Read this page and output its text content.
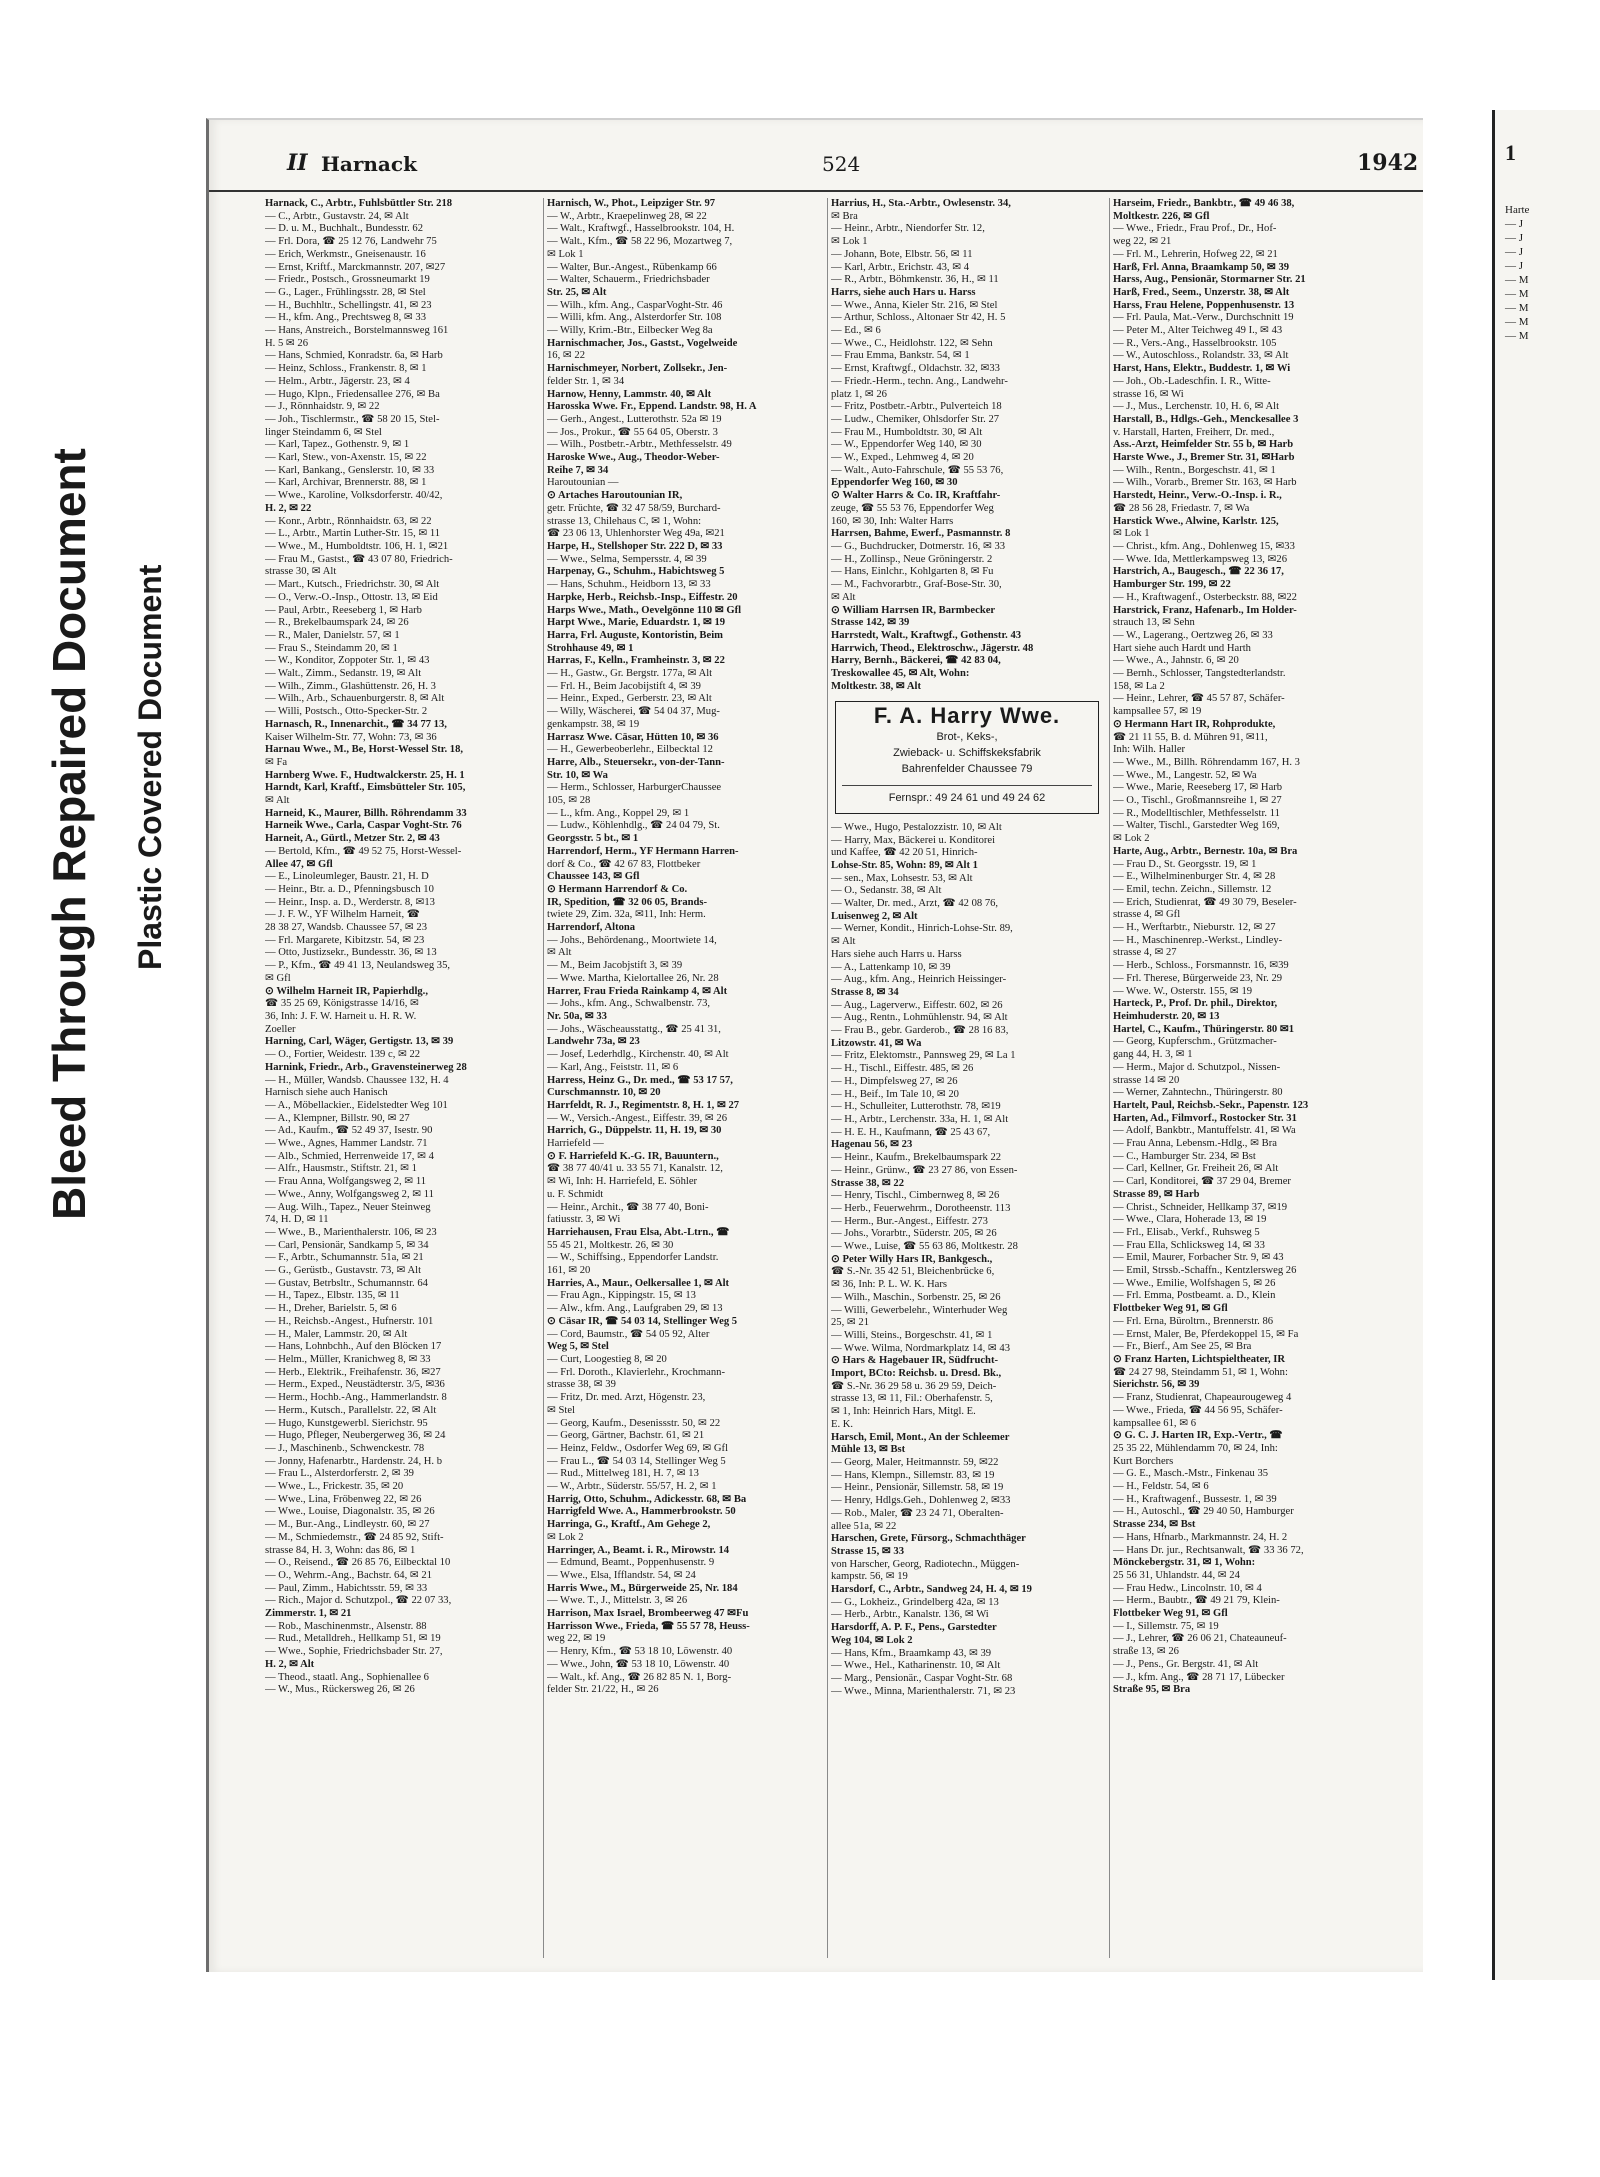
Bleed Through Repaired Document Plastic Covered Document
II Harnack	524	1942
Harnack, C., Arbtr., Fuhlsbüttler Str. 218
— C., Arbtr., Gustavstr. 24, ✉ Alt
— D. u. M., Buchhalt., Bundesstr. 62
— Frl. Dora, ☎ 25 12 76, Landwehr 75
— Erich, Werkmstr., Gneisenaustr. 16
— Ernst, Kriftf., Marckmannstr. 207, ✉27
— Friedr., Postsch., Grossneumarkt 19
— G., Lager., Frühlingsstr. 28, ✉ Stel
— H., Buchhltr., Schellingstr. 41, ✉ 23
— H., kfm. Ang., Prechtsweg 8, ✉ 33
— Hans, Anstreich., Borstelmannsweg 161
H. 5 ✉ 26
— Hans, Schmied, Konradstr. 6a, ✉ Harb
— Heinz, Schloss., Frankenstr. 8, ✉ 1
— Helm., Arbtr., Jägerstr. 23, ✉ 4
— Hugo, Klpn., Friedensallee 276, ✉ Ba
— J., Rönnhaidstr. 9, ✉ 22
— Joh., Tischlermstr., ☎ 58 20 15, Stel-
linger Steindamm 6, ✉ Stel
— Karl, Tapez., Gothenstr. 9, ✉ 1
— Karl, Stew., von-Axenstr. 15, ✉ 22
— Karl, Bankang., Genslerstr. 10, ✉ 33
— Karl, Archivar, Brennerstr. 88, ✉ 1
— Wwe., Karoline, Volksdorferstr. 40/42,
H. 2, ✉ 22
— Konr., Arbtr., Rönnhaidstr. 63, ✉ 22
— L., Arbtr., Martin Luther-Str. 15, ✉ 11
— Wwe., M., Humboldtstr. 106, H. 1, ✉21
— Frau M., Gastst., ☎ 43 07 80, Friedrich-
strasse 30, ✉ Alt
— Mart., Kutsch., Friedrichstr. 30, ✉ Alt
— O., Verw.-O.-Insp., Ottostr. 13, ✉ Eid
— Paul, Arbtr., Reeseberg 1, ✉ Harb
— R., Brekelbaumspark 24, ✉ 26
— R., Maler, Danielstr. 57, ✉ 1
— Frau S., Steindamm 20, ✉ 1
— W., Konditor, Zoppoter Str. 1, ✉ 43
— Walt., Zimm., Sedanstr. 19, ✉ Alt
— Wilh., Zimm., Glashüttenstr. 26, H. 3
— Wilh., Arb., Schauenburgerstr. 8, ✉ Alt
— Willi, Postsch., Otto-Specker-Str. 2
Harnasch, R., Innenarchit., ☎ 34 77 13,
Kaiser Wilhelm-Str. 77, Wohn: 73, ✉ 36
Harnau Wwe., M., Be, Horst-Wessel Str. 18,
✉ Fa
Harnberg Wwe. F., Hudtwalckerstr. 25, H. 1
Harndt, Karl, Kraftf., Eimsbütteler Str. 105,
✉ Alt
Harneid, K., Maurer, Billh. Röhrendamm 33
Harneik Wwe., Carla, Caspar Voght-Str. 76
Harneit, A., Gürtl., Metzer Str. 2, ✉ 43
— Bertold, Kfm., ☎ 49 52 75, Horst-Wessel-
Allee 47, ✉ Gfl
— E., Linoleumleger, Baustr. 21, H. D
— Heinr., Btr. a. D., Pfenningsbusch 10
— Heinr., Insp. a. D., Werderstr. 8, ✉13
— J. F. W., YF Wilhelm Harneit, ☎
28 38 27, Wandsb. Chaussee 57, ✉ 23
— Frl. Margarete, Kibitzstr. 54, ✉ 23
— Otto, Justizsekr., Bundesstr. 36, ✉ 13
— P., Kfm., ☎ 49 41 13, Neulandsweg 35,
✉ Gfl
⊙ Wilhelm Harneit IR, Papierhdlg.,
☎ 35 25 69, Königstrasse 14/16, ✉
36, Inh: J. F. W. Harneit u. H. R. W.
Zoeller
Harning, Carl, Wäger, Gertigstr. 13, ✉ 39
— O., Fortier, Weidestr. 139 c, ✉ 22
Harnink, Friedr., Arb., Gravensteinerweg 28
— H., Müller, Wandsb. Chaussee 132, H. 4
Harnisch siehe auch Hanisch
— A., Möbellackier., Eidelstedter Weg 101
— A., Klempner, Billstr. 90, ✉ 27
— Ad., Kaufm., ☎ 52 49 37, Isestr. 90
— Wwe., Agnes, Hammer Landstr. 71
— Alb., Schmied, Herrenweide 17, ✉ 4
— Alfr., Hausmstr., Stiftstr. 21, ✉ 1
— Frau Anna, Wolfgangsweg 2, ✉ 11
— Wwe., Anny, Wolfgangsweg 2, ✉ 11
— Aug. Wilh., Tapez., Neuer Steinweg
74, H. D, ✉ 11
— Wwe., B., Marienthalerstr. 106, ✉ 23
— Carl, Pensionär, Sandkamp 5, ✉ 34
— F., Arbtr., Schumannstr. 51a, ✉ 21
— G., Gerüstb., Gustavstr. 73, ✉ Alt
— Gustav, Betrbsltr., Schumannstr. 64
— H., Tapez., Elbstr. 135, ✉ 11
— H., Dreher, Barielstr. 5, ✉ 6
— H., Reichsb.-Angest., Hufnerstr. 101
— H., Maler, Lammstr. 20, ✉ Alt
— Hans, Lohnbchh., Auf den Blöcken 17
— Helm., Müller, Kranichweg 8, ✉ 33
— Herb., Elektrik., Freihafenstr. 36, ✉27
— Herm., Exped., Neustädterstr. 3/5, ✉36
— Herm., Hochb.-Ang., Hammerlandstr. 8
— Herm., Kutsch., Parallelstr. 22, ✉ Alt
— Hugo, Kunstgewerbl. Sierichstr. 95
— Hugo, Pfleger, Neubergerweg 36, ✉ 24
— J., Maschinenb., Schwenckestr. 78
— Jonny, Hafenarbtr., Hardenstr. 24, H. b
— Frau L., Alsterdorferstr. 2, ✉ 39
— Wwe., L., Frickestr. 35, ✉ 20
— Wwe., Lina, Fröbenweg 22, ✉ 26
— Wwe., Louise, Diagonalstr. 35, ✉ 26
— M., Bur.-Ang., Lindleystr. 60, ✉ 27
— M., Schmiedemstr., ☎ 24 85 92, Stift-
strasse 84, H. 3, Wohn: das 86, ✉ 1
— O., Reisend., ☎ 26 85 76, Eilbecktal 10
— O., Wehrm.-Ang., Bachstr. 64, ✉ 21
— Paul, Zimm., Habichtsstr. 59, ✉ 33
— Rich., Major d. Schutzpol., ☎ 22 07 33,
Zimmerstr. 1, ✉ 21
— Rob., Maschinenmstr., Alsenstr. 88
— Rud., Metalldreh., Hellkamp 51, ✉ 19
— Wwe., Sophie, Friedrichsbader Str. 27,
H. 2, ✉ Alt
— Theod., staatl. Ang., Sophienallee 6
— W., Mus., Rückersweg 26, ✉ 26
Harnisch, W., Phot., Leipziger Str. 97
— W., Arbtr., Kraepelinweg 28, ✉ 22
— Walt., Kraftwgf., Hasselbrookstr. 104, H.
— Walt., Kfm., ☎ 58 22 96, Mozartweg 7,
✉ Lok 1
— Walter, Bur.-Angest., Rübenkamp 66
— Walter, Schauerm., Friedrichsbader
Str. 25, ✉ Alt
— Wilh., kfm. Ang., CasparVoght-Str. 46
— Willi, kfm. Ang., Alsterdorfer Str. 108
— Willy, Krim.-Btr., Eilbecker Weg 8a
Harnischmacher, Jos., Gastst., Vogelweide
16, ✉ 22
Harnischmeyer, Norbert, Zollsekr., Jen-
felder Str. 1, ✉ 34
Harnow, Henny, Lammstr. 40, ✉ Alt
Harosska Wwe. Fr., Eppend. Landstr. 98, H. A
— Gerh., Angest., Lutterothstr. 52a ✉ 19
— Jos., Prokur., ☎ 55 64 05, Oberstr. 3
— Wilh., Postbetr.-Arbtr., Methfesselstr. 49
Haroske Wwe., Aug., Theodor-Weber-
Reihe 7, ✉ 34
Haroutounian —
⊙ Artaches Haroutounian IR,
getr. Früchte, ☎ 32 47 58/59, Burchard-
strasse 13, Chilehaus C, ✉ 1, Wohn:
☎ 23 06 13, Uhlenhorster Weg 49a, ✉21
Harpe, H., Stellshoper Str. 222 D, ✉ 33
— Wwe., Selma, Sempersstr. 4, ✉ 39
Harpenay, G., Schuhm., Habichtsweg 5
— Hans, Schuhm., Heidborn 13, ✉ 33
Harpke, Herb., Reichsb.-Insp., Eiffestr. 20
Harps Wwe., Math., Oevelgönne 110 ✉ Gfl
Harpt Wwe., Marie, Eduardstr. 1, ✉ 19
Harra, Frl. Auguste, Kontoristin, Beim
Strohhause 49, ✉ 1
Harras, F., Kelln., Framheinstr. 3, ✉ 22
— H., Gastw., Gr. Bergstr. 177a, ✉ Alt
— Frl. H., Beim Jacobijstift 4, ✉ 39
— Heinr., Exped., Gerberstr. 23, ✉ Alt
— Willy, Wäscherei, ☎ 54 04 37, Mug-
genkampstr. 38, ✉ 19
Harrasz Wwe. Cäsar, Hütten 10, ✉ 36
— H., Gewerbeoberlehr., Eilbecktal 12
Harre, Alb., Steuersekr., von-der-Tann-
Str. 10, ✉ Wa
— Herm., Schlosser, HarburgerChaussee
105, ✉ 28
— L., kfm. Ang., Koppel 29, ✉ 1
— Ludw., Köhlenhdlg., ☎ 24 04 79, St.
Georgsstr. 5 bt., ✉ 1
Harrendorf, Herm., YF Hermann Harren-
dorf & Co., ☎ 42 67 83, Flottbeker
Chaussee 143, ✉ Gfl
⊙ Hermann Harrendorf & Co.
IR, Spedition, ☎ 32 06 05, Brands-
twiete 29, Zim. 32a, ✉11, Inh: Herm.
Harrendorf, Altona
— Johs., Behördenang., Moortwiete 14,
✉ Alt
— M., Beim Jacobjstift 3, ✉ 39
— Wwe. Martha, Kielortallee 26, Nr. 28
Harrer, Frau Frieda Rainkamp 4, ✉ Alt
— Johs., kfm. Ang., Schwalbenstr. 73,
Nr. 50a, ✉ 33
— Johs., Wäscheausstattg., ☎ 25 41 31,
Landwehr 73a, ✉ 23
— Josef, Lederhdlg., Kirchenstr. 40, ✉ Alt
— Karl, Ang., Feiststr. 11, ✉ 6
Harress, Heinz G., Dr. med., ☎ 53 17 57,
Curschmannstr. 10, ✉ 20
Harrfeldt, R. J., Regimentstr. 8, H. 1, ✉ 27
— W., Versich.-Angest., Eiffestr. 39, ✉ 26
Harrich, G., Düppelstr. 11, H. 19, ✉ 30
Harriefeld —
⊙ F. Harriefeld K.-G. IR, Bauuntern.,
☎ 38 77 40/41 u. 33 55 71, Kanalstr. 12,
✉ Wi, Inh: H. Harriefeld, E. Söhler
u. F. Schmidt
— Heinr., Archit., ☎ 38 77 40, Boni-
fatiusstr. 3, ✉ Wi
Harriehausen, Frau Elsa, Abt.-Ltrn., ☎
55 45 21, Moltkestr. 26, ✉ 30
— W., Schiffsing., Eppendorfer Landstr.
161, ✉ 20
Harries, A., Maur., Oelkersallee 1, ✉ Alt
— Frau Agn., Kippingstr. 15, ✉ 13
— Alw., kfm. Ang., Laufgraben 29, ✉ 13
⊙ Cäsar IR, ☎ 54 03 14, Stellinger Weg 5
— Cord, Baumstr., ☎ 54 05 92, Alter
Weg 5, ✉ Stel
— Curt, Loogestieg 8, ✉ 20
— Frl. Doroth., Klavierlehr., Krochmann-
strasse 38, ✉ 39
— Fritz, Dr. med. Arzt, Högenstr. 23,
✉ Stel
— Georg, Kaufm., Desenissstr. 50, ✉ 22
— Georg, Gärtner, Bachstr. 61, ✉ 21
— Heinz, Feldw., Osdorfer Weg 69, ✉ Gfl
— Frau L., ☎ 54 03 14, Stellinger Weg 5
— Rud., Mittelweg 181, H. 7, ✉ 13
— W., Arbtr., Süderstr. 55/57, H. 2, ✉ 1
Harrig, Otto, Schuhm., Adickesstr. 68, ✉ Ba
Harrigfeld Wwe. A., Hammerbrookstr. 50
Harringa, G., Kraftf., Am Gehege 2,
✉ Lok 2
Harringer, A., Beamt. i. R., Mirowstr. 14
— Edmund, Beamt., Poppenhusenstr. 9
— Wwe., Elsa, Ifflandstr. 54, ✉ 24
Harris Wwe., M., Bürgerweide 25, Nr. 184
— Wwe. T., J., Mittelstr. 3, ✉ 26
Harrison, Max Israel, Brombeerweg 47 ✉Fu
Harrisson Wwe., Frieda, ☎ 55 57 78, Heuss-
weg 22, ✉ 19
— Henry, Kfm., ☎ 53 18 10, Löwenstr. 40
— Wwe., John, ☎ 53 18 10, Löwenstr. 40
— Walt., kf. Ang., ☎ 26 82 85 N. 1, Borg-
felder Str. 21/22, H., ✉ 26
Harrius, H., Sta.-Arbtr., Owlesenstr. 34,
✉ Bra
— Heinr., Arbtr., Niendorfer Str. 12,
✉ Lok 1
— Johann, Bote, Elbstr. 56, ✉ 11
— Karl, Arbtr., Erichstr. 43, ✉ 4
— R., Arbtr., Böhmkenstr. 36, H., ✉ 11
Harrs, siehe auch Hars u. Harss
— Wwe., Anna, Kieler Str. 216, ✉ Stel
— Arthur, Schloss., Altonaer Str 42, H. 5
— Ed., ✉ 6
— Wwe., C., Heidlohstr. 122, ✉ Sehn
— Frau Emma, Bankstr. 54, ✉ 1
— Ernst, Kraftwgf., Oldachstr. 32, ✉33
— Friedr.-Herm., techn. Ang., Landwehr-
platz 1, ✉ 26
— Fritz, Postbetr.-Arbtr., Pulverteich 18
— Ludw., Chemiker, Ohlsdorfer Str. 27
— Frau M., Humboldtstr. 30, ✉ Alt
— W., Eppendorfer Weg 140, ✉ 30
— W., Exped., Lehmweg 4, ✉ 20
— Walt., Auto-Fahrschule, ☎ 55 53 76,
Eppendorfer Weg 160, ✉ 30
⊙ Walter Harrs & Co. IR, Kraftfahr-
zeuge, ☎ 55 53 76, Eppendorfer Weg
160, ✉ 30, Inh: Walter Harrs
Harrsen, Bahme, Ewerf., Pasmannstr. 8
— G., Buchdrucker, Dotmerstr. 16, ✉ 33
— H., Zollinsp., Neue Gröningerstr. 2
— Hans, Einlchr., Kohlgarten 8, ✉ Fu
— M., Fachvorarbtr., Graf-Bose-Str. 30,
✉ Alt
⊙ William Harrsen IR, Barmbecker
Strasse 142, ✉ 39
Harrstedt, Walt., Kraftwgf., Gothenstr. 43
Harrwich, Theod., Elektroschw., Jägerstr. 48
Harry, Bernh., Bäckerei, ☎ 42 83 04,
Treskowallee 45, ✉ Alt, Wohn:
Moltkestr. 38, ✉ Alt
F. A. Harry Wwe.
Brot-, Keks-,
Zwieback- u. Schiffskeksfabrik
Bahrenfelder Chaussee 79
Fernspr.: 49 24 61 und 49 24 62
— Wwe., Hugo, Pestalozzistr. 10, ✉ Alt
— Harry, Max, Bäckerei u. Konditorei
und Kaffee, ☎ 42 20 51, Hinrich-
Lohse-Str. 85, Wohn: 89, ✉ Alt 1
— sen., Max, Lohsestr. 53, ✉ Alt
— O., Sedanstr. 38, ✉ Alt
— Walter, Dr. med., Arzt, ☎ 42 08 76,
Luisenweg 2, ✉ Alt
— Werner, Kondit., Hinrich-Lohse-Str. 89,
✉ Alt
Hars siehe auch Harrs u. Harss
— A., Lattenkamp 10, ✉ 39
— Aug., kfm. Ang., Heinrich Heissinger-
Strasse 8, ✉ 34
— Aug., Lagerverw., Eiffestr. 602, ✉ 26
— Aug., Rentn., Lohmühlenstr. 94, ✉ Alt
— Frau B., gebr. Garderob., ☎ 28 16 83,
Litzowstr. 41, ✉ Wa
— Fritz, Elektomstr., Pannsweg 29, ✉ La 1
— H., Tischl., Eiffestr. 485, ✉ 26
— H., Dimpfelsweg 27, ✉ 26
— H., Beif., Im Tale 10, ✉ 20
— H., Schulleiter, Lutterothstr. 78, ✉19
— H., Arbtr., Lerchenstr. 33a, H. 1, ✉ Alt
— H. E. H., Kaufmann, ☎ 25 43 67,
Hagenau 56, ✉ 23
— Heinr., Kaufm., Brekelbaumspark 22
— Heinr., Grünw., ☎ 23 27 86, von Essen-
Strasse 38, ✉ 22
— Henry, Tischl., Cimbernweg 8, ✉ 26
— Herb., Feuerwehrm., Dorotheenstr. 113
— Herm., Bur.-Angest., Eiffestr. 273
— Johs., Vorarbtr., Süderstr. 205, ✉ 26
— Wwe., Luise, ☎ 55 63 86, Moltkestr. 28
⊙ Peter Willy Hars IR, Bankgesch.,
☎ S.-Nr. 35 42 51, Bleichenbrücke 6,
✉ 36, Inh: P. L. W. K. Hars
— Wilh., Maschin., Sorbenstr. 25, ✉ 26
— Willi, Gewerbelehr., Winterhuder Weg
25, ✉ 21
— Willi, Steins., Borgeschstr. 41, ✉ 1
— Wwe. Wilma, Nordmarkplatz 14, ✉ 43
⊙ Hars & Hagebauer IR, Südfrucht-
Import, BCto: Reichsb. u. Dresd. Bk.,
☎ S.-Nr. 36 29 58 u. 36 29 59, Deich-
strasse 13, ✉ 11, Fil.: Oberhafenstr. 5,
✉ 1, Inh: Heinrich Hars, Mitgl. E.
E. K.
Harsch, Emil, Mont., An der Schleemer
Mühle 13, ✉ Bst
— Georg, Maler, Heitmannstr. 59, ✉22
— Hans, Klempn., Sillemstr. 83, ✉ 19
— Heinr., Pensionär, Sillemstr. 58, ✉ 19
— Henry, Hdlgs.Geh., Dohlenweg 2, ✉33
— Rob., Maler, ☎ 23 24 71, Oberalten-
allee 51a, ✉ 22
Harschen, Grete, Fürsorg., Schmachthäger
Strasse 15, ✉ 33
von Harscher, Georg, Radiotechn., Müggen-
kampstr. 56, ✉ 19
Harsdorf, C., Arbtr., Sandweg 24, H. 4, ✉ 19
— G., Lokheiz., Grindelberg 42a, ✉ 13
— Herb., Arbtr., Kanalstr. 136, ✉ Wi
Harsdorff, A. P. F., Pens., Garstedter
Weg 104, ✉ Lok 2
— Hans, Kfm., Braamkamp 43, ✉ 39
— Wwe., Hel., Katharinenstr. 10, ✉ Alt
— Marg., Pensionär., Caspar Voght-Str. 68
— Wwe., Minna, Marienthalerstr. 71, ✉ 23
Harseim, Friedr., Bankbtr., ☎ 49 46 38,
Moltkestr. 226, ✉ Gfl
— Wwe., Friedr., Frau Prof., Dr., Hof-
weg 22, ✉ 21
— Frl. M., Lehrerin, Hofweg 22, ✉ 21
Harß, Frl. Anna, Braamkamp 50, ✉ 39
Harss, Aug., Pensionär, Stormarner Str. 21
Harß, Fred., Seem., Unzerstr. 38, ✉ Alt
Harss, Frau Helene, Poppenhusenstr. 13
— Frl. Paula, Mat.-Verw., Durchschnitt 19
— Peter M., Alter Teichweg 49 I., ✉ 43
— R., Vers.-Ang., Hasselbrookstr. 105
— W., Autoschloss., Rolandstr. 33, ✉ Alt
Harst, Hans, Elektr., Buddestr. 1, ✉ Wi
— Joh., Ob.-Ladeschfin. I. R., Witte-
strasse 16, ✉ Wi
— J., Mus., Lerchenstr. 10, H. 6, ✉ Alt
Harstall, B., Hdlgs.-Geh., Menckesallee 3
v. Harstall, Harten, Freiherr, Dr. med.,
Ass.-Arzt, Heimfelder Str. 55 b, ✉ Harb
Harste Wwe., J., Bremer Str. 31, ✉Harb
— Wilh., Rentn., Borgeschstr. 41, ✉ 1
— Wilh., Vorarb., Bremer Str. 163, ✉ Harb
Harstedt, Heinr., Verw.-O.-Insp. i. R.,
☎ 28 56 28, Friedastr. 7, ✉ Wa
Harstick Wwe., Alwine, Karlstr. 125,
✉ Lok 1
— Christ., kfm. Ang., Dohlenweg 15, ✉33
— Wwe. Ida, Mettlerkampsweg 13, ✉26
Harstrich, A., Baugesch., ☎ 22 36 17,
Hamburger Str. 199, ✉ 22
— H., Kraftwagenf., Osterbeckstr. 88, ✉22
Harstrick, Franz, Hafenarb., Im Holder-
strauch 13, ✉ Sehn
— W., Lagerang., Oertzweg 26, ✉ 33
Hart siehe auch Hardt und Harth
— Wwe., A., Jahnstr. 6, ✉ 20
— Bernh., Schlosser, Tangstedterlandstr.
158, ✉ La 2
— Heinr., Lehrer, ☎ 45 57 87, Schäfer-
kampsallee 57, ✉ 19
⊙ Hermann Hart IR, Rohprodukte,
☎ 21 11 55, B. d. Mühren 91, ✉11,
Inh: Wilh. Haller
— Wwe., M., Billh. Röhrendamm 167, H. 3
— Wwe., M., Langestr. 52, ✉ Wa
— Wwe., Marie, Reeseberg 17, ✉ Harb
— O., Tischl., Großmannsreihe 1, ✉ 27
— R., Modelltischler, Methfesselstr. 11
— Walter, Tischl., Garstedter Weg 169,
✉ Lok 2
Harte, Aug., Arbtr., Bernestr. 10a, ✉ Bra
— Frau D., St. Georgsstr. 19, ✉ 1
— E., Wilhelminenburger Str. 4, ✉ 28
— Emil, techn. Zeichn., Sillemstr. 12
— Erich, Studienrat, ☎ 49 30 79, Beseler-
strasse 4, ✉ Gfl
— H., Werftarbtr., Nieburstr. 12, ✉ 27
— H., Maschinenrep.-Werkst., Lindley-
strasse 4, ✉ 27
— Herb., Schloss., Forsmannstr. 16, ✉39
— Frl. Therese, Bürgerweide 23, Nr. 29
— Wwe. W., Osterstr. 155, ✉ 19
Harteck, P., Prof. Dr. phil., Direktor,
Heimhuderstr. 20, ✉ 13
Hartel, C., Kaufm., Thüringerstr. 80 ✉1
— Georg, Kupferschm., Grützmacher-
gang 44, H. 3, ✉ 1
— Herm., Major d. Schutzpol., Nissen-
strasse 14 ✉ 20
— Werner, Zahntechn., Thüringerstr. 80
Hartelt, Paul, Reichsb.-Sekr., Papenstr. 123
Harten, Ad., Filmvorf., Rostocker Str. 31
— Adolf, Bankbtr., Mantuffelstr. 41, ✉ Wa
— Frau Anna, Lebensm.-Hdlg., ✉ Bra
— C., Hamburger Str. 234, ✉ Bst
— Carl, Kellner, Gr. Freiheit 26, ✉ Alt
— Carl, Konditorei, ☎ 37 29 04, Bremer
Strasse 89, ✉ Harb
— Christ., Schneider, Hellkamp 37, ✉19
— Wwe., Clara, Hoherade 13, ✉ 19
— Frl., Elisab., Verkf., Ruhsweg 5
— Frau Ella, Schlicksweg 14, ✉ 33
— Emil, Maurer, Forbacher Str. 9, ✉ 43
— Emil, Strssb.-Schaffn., Kentzlersweg 26
— Wwe., Emilie, Wolfshagen 5, ✉ 26
— Frl. Emma, Postbeamt. a. D., Klein
Flottbeker Weg 91, ✉ Gfl
— Frl. Erna, Büroltrn., Brennerstr. 86
— Ernst, Maler, Be, Pferdekoppel 15, ✉ Fa
— Fr., Bierf., Am See 25, ✉ Bra
⊙ Franz Harten, Lichtspieltheater, IR
☎ 24 27 98, Steindamm 51, ✉ 1, Wohn:
Sierichstr. 56, ✉ 39
— Franz, Studienrat, Chapeaurougeweg 4
— Wwe., Frieda, ☎ 44 56 95, Schäfer-
kampsallee 61, ✉ 6
⊙ G. C. J. Harten IR, Exp.-Vertr., ☎
25 35 22, Mühlendamm 70, ✉ 24, Inh:
Kurt Borchers
— G. E., Masch.-Mstr., Finkenau 35
— H., Feldstr. 54, ✉ 6
— H., Kraftwagenf., Bussestr. 1, ✉ 39
— H., Autoschl., ☎ 29 40 50, Hamburger
Strasse 234, ✉ Bst
— Hans, Hfnarb., Markmannstr. 24, H. 2
— Hans Dr. jur., Rechtsanwalt, ☎ 33 36 72,
Mönckebergstr. 31, ✉ 1, Wohn:
25 56 31, Uhlandstr. 44, ✉ 24
— Frau Hedw., Lincolnstr. 10, ✉ 4
— Herm., Baubtr., ☎ 49 21 79, Klein-
Flottbeker Weg 91, ✉ Gfl
— I., Sillemstr. 75, ✉ 19
— J., Lehrer, ☎ 26 06 21, Chateauneuf-
straße 13, ✉ 26
— J., Pens., Gr. Bergstr. 41, ✉ Alt
— J., kfm. Ang., ☎ 28 71 17, Lübecker
Straße 95, ✉ Bra
1
Harte
— J
— J
— J
— J
— M
— M
— M
— M
— M
